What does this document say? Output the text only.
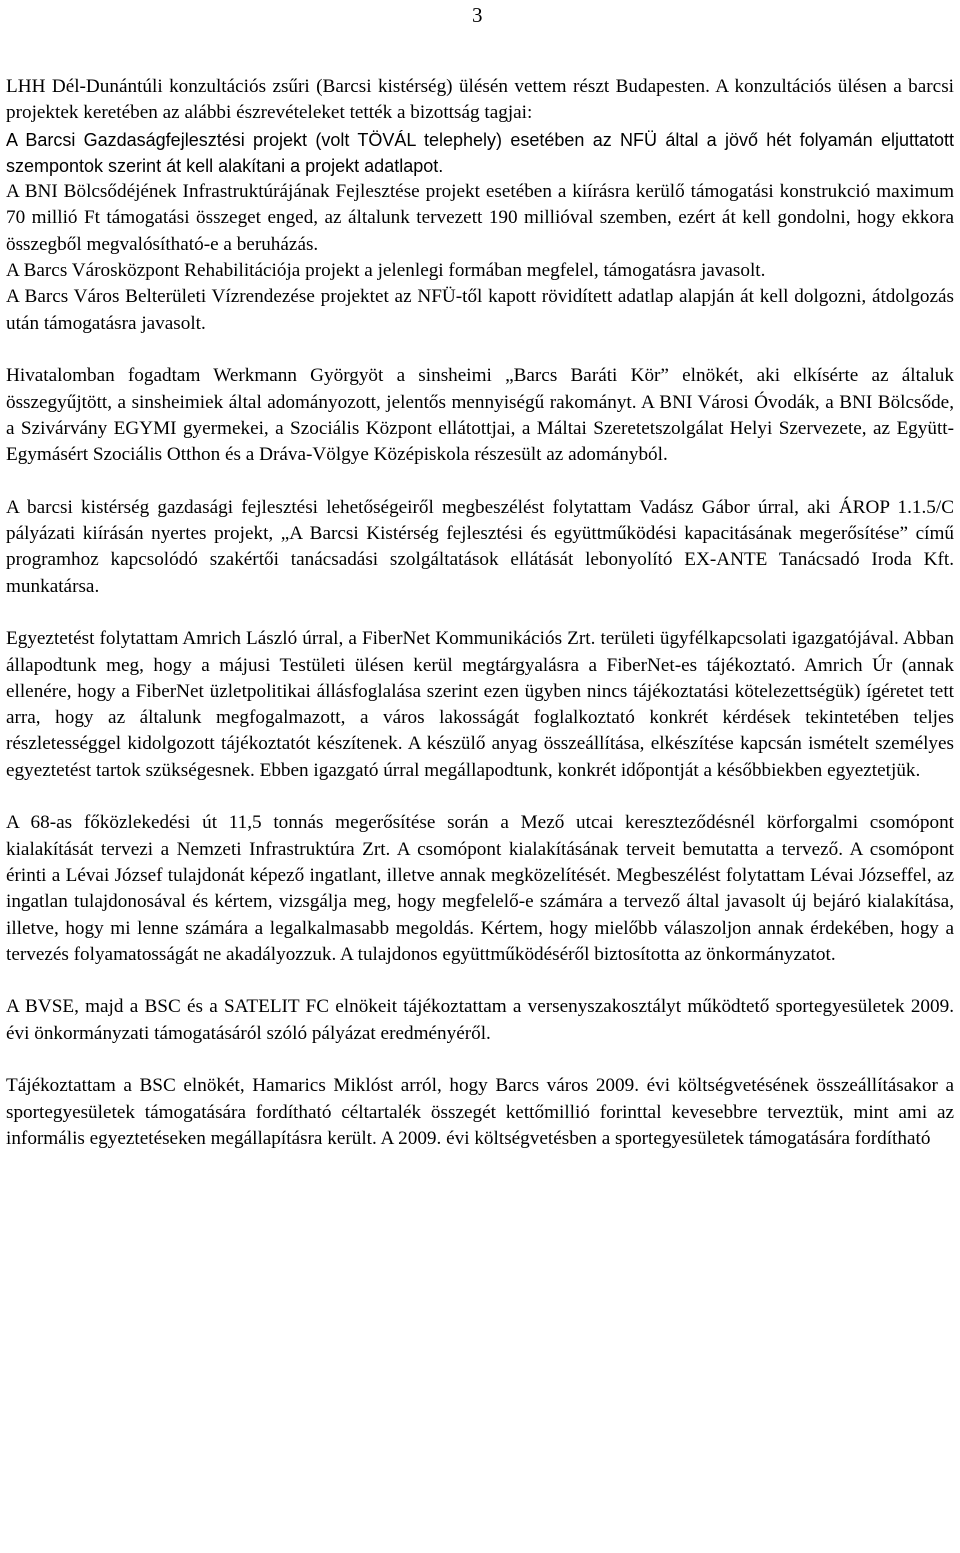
3

LHH Dél-Dunántúli konzultációs zsűri (Barcsi kistérség) ülésén vettem részt Budapesten. A konzultációs ülésen a barcsi projektek keretében az alábbi észrevételeket tették a bizottság tagjai:

A Barcsi Gazdaságfejlesztési projekt (volt TÖVÁL telephely) esetében az NFÜ által a jövő hét folyamán eljuttatott szempontok szerint át kell alakítani a projekt adatlapot.

A BNI Bölcsődéjének Infrastruktúrájának Fejlesztése projekt esetében a kiírásra kerülő támogatási konstrukció maximum 70 millió Ft támogatási összeget enged, az általunk tervezett 190 millióval szemben, ezért át kell gondolni, hogy ekkora összegből megvalósítható-e a beruházás.

A Barcs Városközpont Rehabilitációja projekt a jelenlegi formában megfelel, támogatásra javasolt.

A Barcs Város Belterületi Vízrendezése projektet az NFÜ-től kapott rövidített adatlap alapján át kell dolgozni, átdolgozás után támogatásra javasolt.

Hivatalomban fogadtam Werkmann Györgyöt a sinsheimi „Barcs Baráti Kör” elnökét, aki elkísérte az általuk összegyűjtött, a sinsheimiek által adományozott, jelentős mennyiségű rakományt. A BNI Városi Óvodák, a BNI Bölcsőde, a Szivárvány EGYMI gyermekei, a Szociális Központ ellátottjai, a Máltai Szeretetszolgálat Helyi Szervezete, az Együtt-Egymásért Szociális Otthon és a Dráva-Völgye Középiskola részesült az adományból.

A barcsi kistérség gazdasági fejlesztési lehetőségeiről megbeszélést folytattam Vadász Gábor úrral, aki ÁROP 1.1.5/C pályázati kiírásán nyertes projekt, „A Barcsi Kistérség fejlesztési és együttműködési kapacitásának megerősítése” című programhoz kapcsolódó szakértői tanácsadási szolgáltatások ellátását lebonyolító EX-ANTE Tanácsadó Iroda Kft. munkatársa.

Egyeztetést folytattam Amrich László úrral, a FiberNet Kommunikációs Zrt. területi ügyfélkapcsolati igazgatójával. Abban állapodtunk meg, hogy a májusi Testületi ülésen kerül megtárgyalásra a FiberNet-es tájékoztató. Amrich Úr (annak ellenére, hogy a FiberNet üzletpolitikai állásfoglalása szerint ezen ügyben nincs tájékoztatási kötelezettségük) ígéretet tett arra, hogy az általunk megfogalmazott, a város lakosságát foglalkoztató konkrét kérdések tekintetében teljes részletességgel kidolgozott tájékoztatót készítenek. A készülő anyag összeállítása, elkészítése kapcsán ismételt személyes egyeztetést tartok szükségesnek. Ebben igazgató úrral megállapodtunk, konkrét időpontját a későbbiekben egyeztetjük.

A 68-as főközlekedési út 11,5 tonnás megerősítése során a Mező utcai kereszteződésnél körforgalmi csomópont kialakítását tervezi a Nemzeti Infrastruktúra Zrt. A csomópont kialakításának terveit bemutatta a tervező. A csomópont érinti a Lévai József tulajdonát képező ingatlant, illetve annak megközelítését. Megbeszélést folytattam Lévai Józseffel, az ingatlan tulajdonosával és kértem, vizsgálja meg, hogy megfelelő-e számára a tervező által javasolt új bejáró kialakítása, illetve, hogy mi lenne számára a legalkalmasabb megoldás. Kértem, hogy mielőbb válaszoljon annak érdekében, hogy a tervezés folyamatosságát ne akadályozzuk. A tulajdonos együttműködéséről biztosította az önkormányzatot.

A BVSE, majd a BSC és a SATELIT FC elnökeit tájékoztattam a versenyszakosztályt működtető sportegyesületek 2009. évi önkormányzati támogatásáról szóló pályázat eredményéről.

Tájékoztattam a BSC elnökét, Hamarics Miklóst arról, hogy Barcs város 2009. évi költségvetésének összeállításakor a sportegyesületek támogatására fordítható céltartalék összegét kettőmillió forinttal kevesebbre terveztük, mint ami az informális egyeztetéseken megállapításra került. A 2009. évi költségvetésben a sportegyesületek támogatására fordítható
